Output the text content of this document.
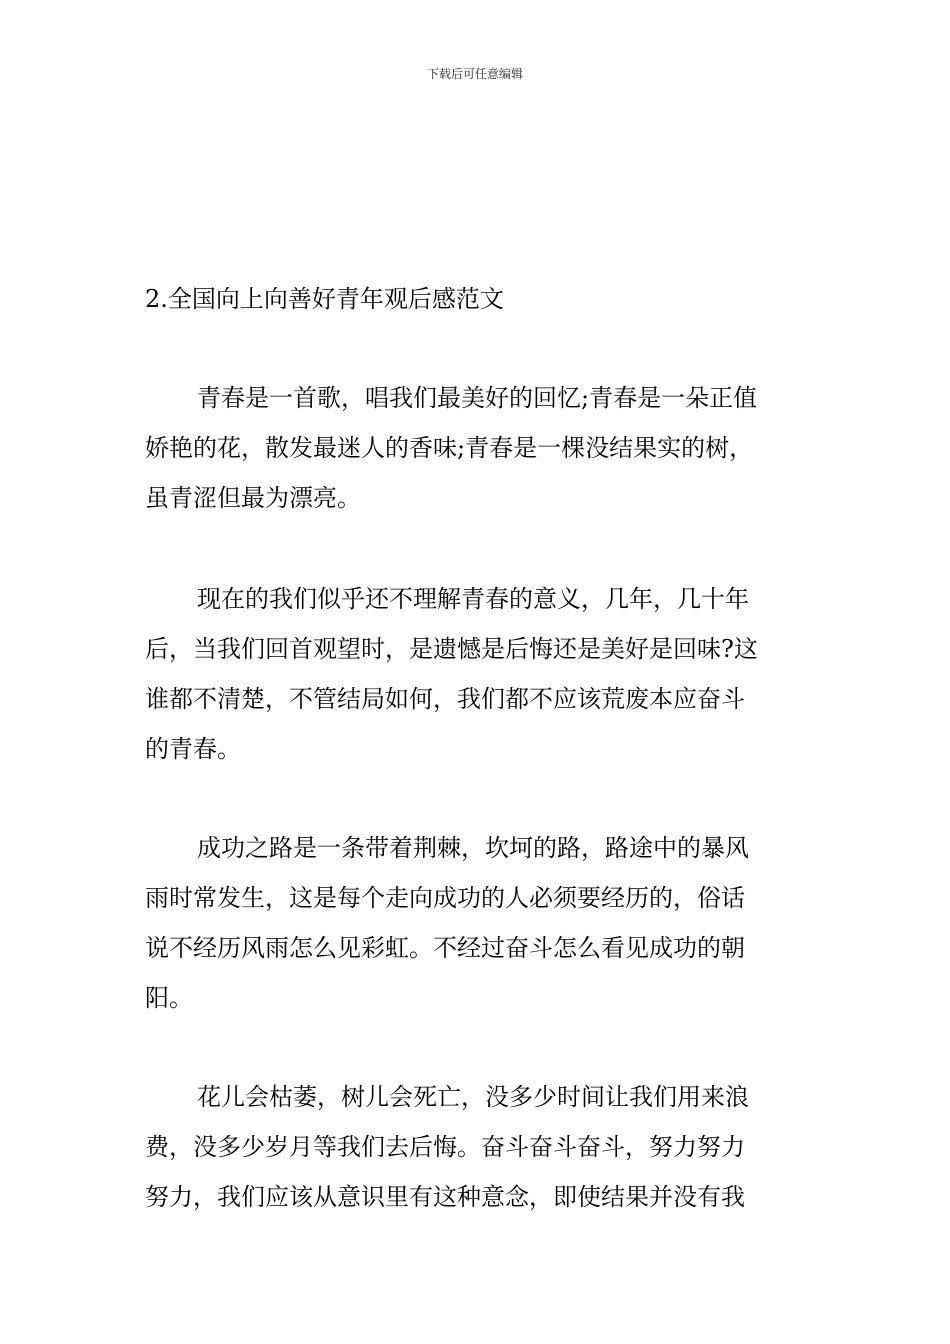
下载后可任意编辑
2.全国向上向善好青年观后感范文
青春是一首歌，唱我们最美好的回忆;青春是一朵正值
娇艳的花，散发最迷人的香味;青春是一棵没结果实的树，
虽青涩但最为漂亮。
现在的我们似乎还不理解青春的意义，几年，几十年
后，当我们回首观望时，是遗憾是后悔还是美好是回味?这
谁都不清楚，不管结局如何，我们都不应该荒废本应奋斗
的青春。
成功之路是一条带着荆棘，坎坷的路，路途中的暴风
雨时常发生，这是每个走向成功的人必须要经历的，俗话
说不经历风雨怎么见彩虹。不经过奋斗怎么看见成功的朝
阳。
花儿会枯萎，树儿会死亡，没多少时间让我们用来浪
费，没多少岁月等我们去后悔。奋斗奋斗奋斗，努力努力
努力，我们应该从意识里有这种意念，即使结果并没有我
